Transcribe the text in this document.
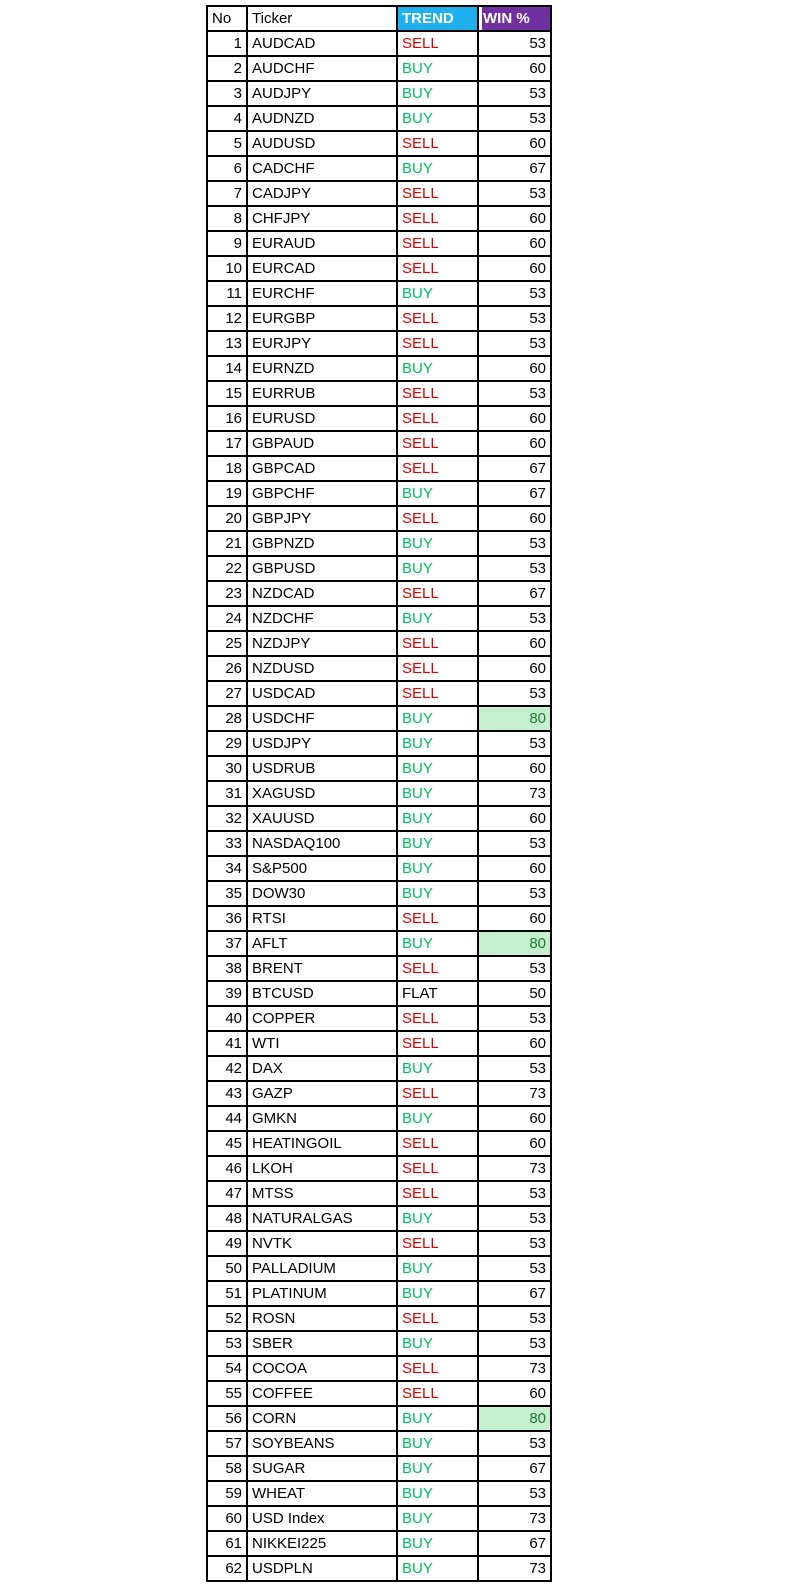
No	Ticker	TREND	WIN %
1	AUDCAD	SELL	53
2	AUDCHF	BUY	60
3	AUDJPY	BUY	53
4	AUDNZD	BUY	53
5	AUDUSD	SELL	60
6	CADCHF	BUY	67
7	CADJPY	SELL	53
8	CHFJPY	SELL	60
9	EURAUD	SELL	60
10	EURCAD	SELL	60
11	EURCHF	BUY	53
12	EURGBP	SELL	53
13	EURJPY	SELL	53
14	EURNZD	BUY	60
15	EURRUB	SELL	53
16	EURUSD	SELL	60
17	GBPAUD	SELL	60
18	GBPCAD	SELL	67
19	GBPCHF	BUY	67
20	GBPJPY	SELL	60
21	GBPNZD	BUY	53
22	GBPUSD	BUY	53
23	NZDCAD	SELL	67
24	NZDCHF	BUY	53
25	NZDJPY	SELL	60
26	NZDUSD	SELL	60
27	USDCAD	SELL	53
28	USDCHF	BUY	80
29	USDJPY	BUY	53
30	USDRUB	BUY	60
31	XAGUSD	BUY	73
32	XAUUSD	BUY	60
33	NASDAQ100	BUY	53
34	S&P500	BUY	60
35	DOW30	BUY	53
36	RTSI	SELL	60
37	AFLT	BUY	80
38	BRENT	SELL	53
39	BTCUSD	FLAT	50
40	COPPER	SELL	53
41	WTI	SELL	60
42	DAX	BUY	53
43	GAZP	SELL	73
44	GMKN	BUY	60
45	HEATINGOIL	SELL	60
46	LKOH	SELL	73
47	MTSS	SELL	53
48	NATURALGAS	BUY	53
49	NVTK	SELL	53
50	PALLADIUM	BUY	53
51	PLATINUM	BUY	67
52	ROSN	SELL	53
53	SBER	BUY	53
54	COCOA	SELL	73
55	COFFEE	SELL	60
56	CORN	BUY	80
57	SOYBEANS	BUY	53
58	SUGAR	BUY	67
59	WHEAT	BUY	53
60	USD Index	BUY	73
61	NIKKEI225	BUY	67
62	USDPLN	BUY	73
